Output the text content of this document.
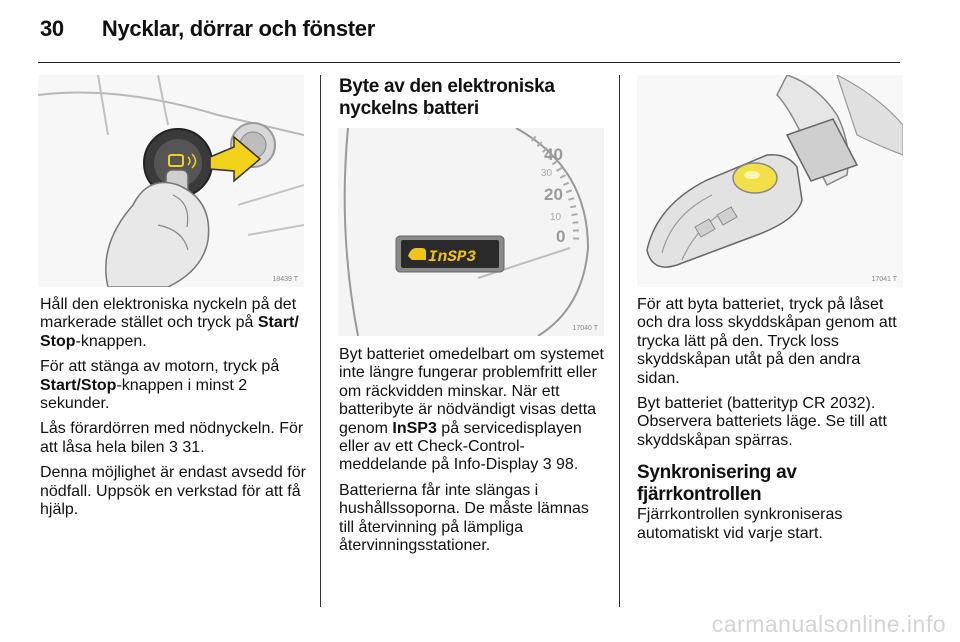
30 Nycklar, dörrar och fönster
18439 T

Håll den elektroniska nyckeln på det markerade stället och tryck på Start/ Stop-knappen.

För att stänga av motorn, tryck på Start/Stop-knappen i minst 2 sekunder.

Lås förardörren med nödnyckeln. För att låsa hela bilen 3 31.

Denna möjlighet är endast avsedd för nödfall. Uppsök en verkstad för att få hjälp.

Byte av den elektroniska nyckelns batteri
40
30
20
10
0
InSP3
17040 T

Byt batteriet omedelbart om systemet inte längre fungerar problemfritt eller om räckvidden minskar. När ett batteribyte är nödvändigt visas detta genom InSP3 på servicedisplayen eller av ett Check-Control-meddelande på Info-Display 3 98.

Batterierna får inte slängas i hushållssoporna. De måste lämnas till återvinning på lämpliga återvinningsstationer.

17041 T

För att byta batteriet, tryck på låset och dra loss skyddskåpan genom att trycka lätt på den. Tryck loss skyddskåpan utåt på den andra sidan.

Byt batteriet (batterityp CR 2032). Observera batteriets läge. Se till att skyddskåpan spärras.

Synkronisering av fjärrkontrollen

Fjärrkontrollen synkroniseras automatiskt vid varje start.

carmanualsonline.info
